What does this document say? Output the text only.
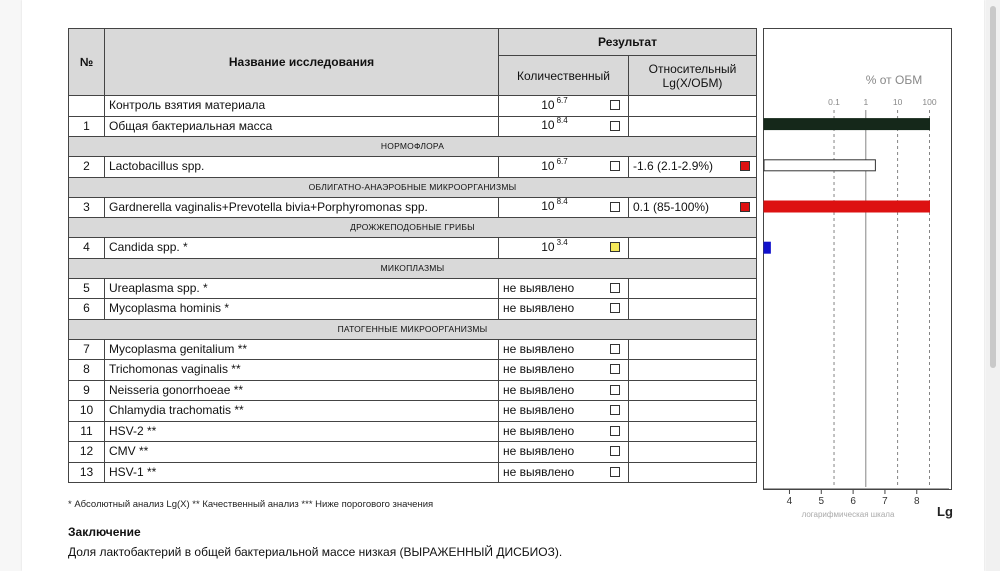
№	Название исследования	Результат	
		Количественный	Относительный
Lg(X/ОБМ)
	Контроль взятия материала	10 $^{6.7}$

1	Общая бактериальная масса	10 $^{8.4}$

НОРМОФЛОРА			
2	Lactobacillus spp.	10 $^{6.7}$	-1.6 (2.1-2.9%)

ОБЛИГАТНО-АНАЭРОБНЫЕ МИКРООРГАНИЗМЫ			
3	Gardnerella vaginalis+Prevotella bivia+Porphyromonas spp.	10 $^{8.4}$	0.1 (85-100%)

ДРОЖЖЕПОДОБНЫЕ ГРИБЫ			
4	Candida spp. *	10 $^{3.4}$

МИКОПЛАЗМЫ			
5	Ureaplasma spp. *	не выявлено

6	Mycoplasma hominis *	не выявлено

ПАТОГЕННЫЕ МИКРООРГАНИЗМЫ			
7	Mycoplasma genitalium **	не выявлено

8	Trichomonas vaginalis **	не выявлено

9	Neisseria gonorrhoeae **	не выявлено

10	Chlamydia trachomatis **	не выявлено

11	HSV-2 **	не выявлено

12	CMV **	не выявлено

13	HSV-1 **	не выявлено

% от ОБМ
0.1	1	10 100
4	5	6	7	8
логарифмическая шкала	Lg
* Абсолютный анализ Lg(X) ** Качественный анализ *** Ниже порогового значения
Заключение
Доля лактобактерий в общей бактериальной массе низкая (ВЫРАЖЕННЫЙ ДИСБИОЗ).
